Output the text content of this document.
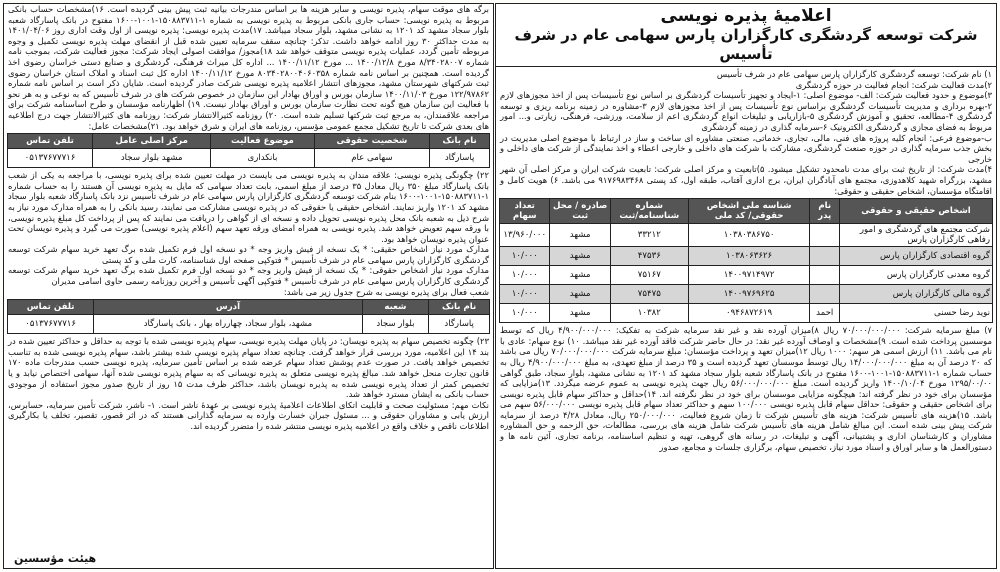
اعلامیهٔ پذیره نویسی
شرکت توسعه گردشگری کارگزاران پارس سهامی عام در شرف تأسیس

۱) نام شرکت: توسعه گردشگری کارگزاران پارس سهامی عام در شرف تأسیس

۲)مدت فعالیت شرکت: انجام فعالیت در حوزه گردشگری

۳)موضوع و حدود فعالیت شرکت: الف- موضوع اصلی: ۱-ایجاد و تجهیز تأسیسات گردشگری بر اساس نوع تأسیسات پس از اخذ مجوزهای لازم ۲-بهره برداری و مدیریت تأسیسات گردشگری براساس نوع تأسیسات پس از اخذ مجوزهای لازم ۳-مشاوره در زمینه برنامه ریزی و توسعه گردشگری ۴-مطالعه، تحقیق و آموزش گردشگری ۵-بازاریابی و تبلیغات انواع گردشگری اعم از سلامت، ورزشی، فرهنگی، زیارتی و... امور مربوط به فضای مجازی و گردشگری الکترونیک ۶-سرمایه گذاری در زمینه گردشگری

ب-موضوع فرعی: انجام کلیه پروژه های فنی، مالی، تجاری، خدماتی، صنعتی مشاوره ای ساخت و ساز در ارتباط با موضوع اصلی مدیریت در بخش جذب سرمایه گذاری در حوزه صنعت گردشگری، مشارکت با شرکت های داخلی و خارجی اعطاء و اخذ نمایندگی از شرکت های داخلی و خارجی

۴)مدت شرکت: از تاریخ ثبت برای مدت نامحدود تشکیل میشود. ۵)تابعیت و مرکز اصلی شرکت: تابعیت شرکت ایران و مرکز اصلی آن شهر مشهد، بزرگراه شهید کلاهدوزی، مجتمع های آبادگران ایران، برج اداری آفتاب، طبقه اول، کد پستی ۹۱۷۶۹۸۳۴۶۸ می باشد. ۶) هویت کامل و اقامتگاه مؤسسان، اشخاص حقیقی و حقوقی:

اشخاص حقیقی و حقوقی	نام پدر	شناسه ملی اشخاص حقوقی/ کد ملی	شماره شناسنامه/ثبت	صادره / محل ثبت	تعداد سهام
شرکت مجتمع های گردشگری و امور رفاهی کارگزاران پارس		۱۰۳۸۰۳۸۶۷۵۰	۳۳۲۱۲	مشهد	۱۳/۹۶۰/۰۰۰
گروه اقتصادی کارگزاران پارس		۱۰۳۸۰۶۳۶۲۶	۴۷۵۳۶	مشهد	۱۰/۰۰۰
گروه معدنی کارگزاران پارس		۱۴۰۰۹۷۱۴۹۷۲	۷۵۱۶۷	مشهد	۱۰/۰۰۰
گروه مالی کارگزاران پارس		۱۴۰۰۹۷۶۹۶۲۵	۷۵۴۷۵	مشهد	۱۰/۰۰۰
نوید رضا حسنی	احمد	۰۹۴۶۸۷۲۶۱۹	۱۰۳۸۲	مشهد	۱۰/۰۰۰

۷) مبلغ سرمایه شرکت: ۷۰/۰۰۰/۰۰۰/۰۰۰ ریال ۸)میزان آورده نقد و غیر نقد سرمایه شرکت به تفکیک: ۴/۹۰۰/۰۰۰/۰۰۰ ریال که توسط موسسین پرداخت شده است. ۹)مشخصات و اوصاف آورده غیر نقد: در حال حاضر شرکت فاقد آورده غیر نقد میباشد. ۱۰) نوع سهام: عادی با نام می باشد. ۱۱) ارزش اسمی هر سهم: ۱۰۰۰ ریال ۱۲)میزان تعهد و پرداخت مؤسسان: مبلغ سرمایه شرکت ۷۰/۰۰۰/۰۰۰/۰۰۰ ریال می باشد که ۲۰ درصد آن به مبلغ ۱۴/۰۰۰/۰۰۰/۰۰۰ ریال توسط موسسان تعهد گردیده است و ۳۵ درصد از مبلغ تعهدی، به مبلغ ۴/۹۰۰/۰۰۰/۰۰۰ ریال به حساب شماره ۱-۱۵۰۸۸۳۷۱۱-۱۰۰۱-۱۶۰۰ مفتوح در بانک پاسارگاد شعبه بلوار سجاد مشهد کد ۱۲۰۱ به نشانی مشهد، بلوار سجاد، طبق گواهی ۱۲۹۵/۰۰/۰۰ مورخ ۱۴۰۰/۱۰/۰۴ واریز گردیده است. مبلغ ۵۶/۰۰۰/۰۰۰/۰۰۰ ریال جهت پذیره نویسی به عموم عرضه میگردد. ۱۳)مزایایی که مؤسسان برای خود در نظر گرفته اند: هیچگونه مزایایی موسسان برای خود در نظر نگرفته اند. ۱۴)حداقل و حداکثر سهام قابل پذیره نویسی برای اشخاص حقیقی و حقوقی: حداقل سهام قابل پذیره نویسی ۱۰۰/۰۰۰ سهم و حداکثر تعداد سهام قابل پذیره نویسی ۵۶/۰۰۰/۰۰۰ سهم می باشد. ۱۵)هزینه های تأسیس شرکت: هزینه های تأسیس شرکت تا زمان شروع فعالیت، ۲۵۰/۰۰۰/۰۰۰ ریال، معادل ۴/۲۸ درصد از سرمایه شرکت پیش بینی شده است. این مبالغ شامل هزینه های تأسیس شرکت شامل هزینه های بررسی، مطالعات، حق الزحمه و حق المشاوره مشاوران و کارشناسان اداری و پشتیبانی، آگهی و تبلیغات، در رسانه های گروهی، تهیه و تنظیم اساسنامه، برنامه تجاری، آئین نامه ها و دستورالعمل ها و سایر اوراق و اسناد مورد نیاز، تخصیص سهام، برگزاری جلسات و مجامع، صدور

برگه های موقت سهام، پذیره نویسی و سایر هزینه ها بر اساس مندرجات بیانیه ثبت پیش بینی گردیده است. ۱۶)مشخصات حساب بانکی مربوط به پذیره نویسی: حساب جاری بانکی مربوط به پذیره نویسی به شماره ۱-۱۵۰۸۸۳۷۱۱-۱۰۰۱-۱۶۰۰ مفتوح در بانک پاسارگاد شعبه بلوار سجاد مشهد کد ۱۲۰۱ به نشانی مشهد، بلوار سجاد میباشد. ۱۷)مدت پذیره نویسی: پذیره نویسی از اول وقت اداری روز ۱۴۰۱/۰۴/۰۶ به مدت حداکثر ۳۰ روز ادامه خواهد داشت. تذکر: چنانچه سقف سرمایه تعیین شده قبل از انقضای مهلت پذیره نویسی تکمیل و وجوه مربوطه تأمین گردد، عملیات پذیره نویسی متوقف خواهد شد ۱۸)مجوز/ موافقت اصولی ایجاد شرکت: مجوز فعالیت شرکت، بموجب نامه شماره ۸/۳۴۰۲۸۰۰۷ مورخ ۱۴۰۰/۱۲/۸ ... مورخ ۱۴۰۰/۱۱/۱۲ ... اداره کل میراث فرهنگی، گردشگری و صنایع دستی خراسان رضوی اخذ گردیده است. همچنین بر اساس نامه شماره ۸۰۳۴۰۲۸۰۰۴۰۶۰۳۵۸ مورخ ۱۴۰۰/۱۱/۱۲ اداره کل ثبت اسناد و املاک استان خراسان رضوی ثبت شرکتهای شهرستان مشهد، مجوزهای انتشار اعلامیه پذیره نویسی شرکت صادر گردیده است. شایان ذکر است بر اساس نامه شماره ۱۲۲/۹۷۸۶۲ مورخ ۱۴۰۰/۱۱/۰۳ سازمان بورس و اوراق بهادار این سازمان در خصوص شرکت های در شرف تأسیس که به نوعی و به هر نحو با فعالیت این سازمان هیچ گونه تحت نظارت سازمان بورس و اوراق بهادار نیست. ۱۹) اظهارنامه مؤسسان و طرح اساسنامه شرکت برای مراجعه علاقمندان، به مرجع ثبت شرکتها تسلیم شده است. ۲۰) روزنامه کثیرالانتشار شرکت: روزنامه های کثیرالانتشار جهت درج اطلاعیه های بعدی شرکت تا تاریخ تشکیل مجمع عمومی مؤسس، روزنامه های ایران و شرق خواهد بود. ۲۱)مشخصات عامل:

نام بانک	شخصیت حقوقی	موضوع فعالیت	مرکز اصلی عامل	تلفن تماس
پاسارگاد	سهامی عام	بانکداری	مشهد بلوار سجاد	۰۵۱۳۷۶۷۷۷۱۶

۲۲) چگونگی پذیره نویسی: علاقه مندان به پذیره نویسی می بایست در مهلت تعیین شده برای پذیره نویسی، با مراجعه به یکی از شعب بانک پاسارگاد مبلغ ۳۵۰ ریال معادل ۳۵ درصد از مبلغ اسمی، بابت تعداد سهامی که مایل به پذیره نویسی آن هستند را به حساب شماره ۱-۱۵۰۸۸۳۷۱۱-۱۰۰۱-۱۶۰۰ بنام شرکت توسعه گردشگری کارگزاران پارس سهامی عام در شرف تأسیس نزد بانک پاسارگاد شعبه بلوار سجاد مشهد کد ۱۲۰۱ واریز نمایند. اشخاص حقیقی یا حقوقی که در پذیره نویسی مشارکت می نمایند، رسید بانکی را به همراه مدارک مورد نیاز به شرح ذیل به شعبه بانک محل پذیره نویسی تحویل داده و نسخه ای از گواهی را دریافت می نمایند که پس از پرداخت کل مبلغ پذیره نویسی، با ورقه سهم تعویض خواهد شد. پذیره نویسی به همراه امضای ورقه تعهد سهم (اعلام پذیره نویسی) صورت می گیرد و پذیره نویسان تحت عنوان پذیره نویسان خواهد بود.

مدارک مورد نیاز اشخاص حقیقی: * یک نسخه از فیش واریز وجه * دو نسخه اول فرم تکمیل شده برگ تعهد خرید سهام شرکت توسعه گردشگری کارگزاران پارس سهامی عام در شرف تأسیس * فتوکپی صفحه اول شناسنامه، کارت ملی و کد پستی

مدارک مورد نیاز اشخاص حقوقی: * یک نسخه از فیش واریز وجه * دو نسخه اول فرم تکمیل شده برگ تعهد خرید سهام شرکت توسعه گردشگری کارگزاران پارس سهامی عام در شرف تأسیس * فتوکپی آگهی تأسیس و آخرین روزنامه رسمی حاوی اسامی مدیران

شعب فعال برای پذیره نویسی به شرح جدول زیر می باشد:

نام بانک	شعبه	آدرس	تلفن تماس
پاسارگاد	بلوار سجاد	مشهد، بلوار سجاد، چهارراه بهار ، بانک پاسارگاد	۰۵۱۳۷۶۷۷۷۱۶

۲۳) چگونه تخصیص سهام به پذیره نویسان: در پایان مهلت پذیره نویسی، سهام پذیره نویسی شده با توجه به حداقل و حداکثر تعیین شده در بند ۱۴ این اعلامیه، مورد بررسی قرار خواهد گرفت. چنانچه تعداد سهام پذیره نویسی شده بیشتر باشد، سهام پذیره نویسی شده به تناسب تخصیص خواهد یافت. در صورت عدم پوشش تعداد سهام عرضه شده بر اساس تأمین سرمایه، پذیره نویسی حسب مندرجات ماده ۱۷۰ قانون تجارت منحل خواهد شد. مبالغ پذیره نویسی متعلق به پذیره نویسانی که به سهام پذیره نویسی شده آنها، سهامی اختصاص نیابد و یا تخصیص کمتر از تعداد پذیره نویسی شده به پذیره نویسان باشد، حداکثر ظرف مدت ۱۵ روز از تاریخ صدور مجوز استفاده از موجودی حساب بانکی به ایشان مسترد خواهد شد.

نکات مهم: مسئولیت صحت و قابلیت اتکای اطلاعات اعلامیهٔ پذیره نویسی بر عهدهٔ ناشر است. ۱- ناشر، شرکت تأمین سرمایه، حسابرس، ارزش یابی و مشاوران حقوقی و ... مسئول جبران خسارت وارده به سرمایه گذارانی هستند که در اثر قصور، تقصیر، تخلف یا بکارگیری اطلاعات ناقص و خلاف واقع در اعلامیه پذیره نویسی منتشر شده را متضرر گردیده اند.

هیئت مؤسسین
